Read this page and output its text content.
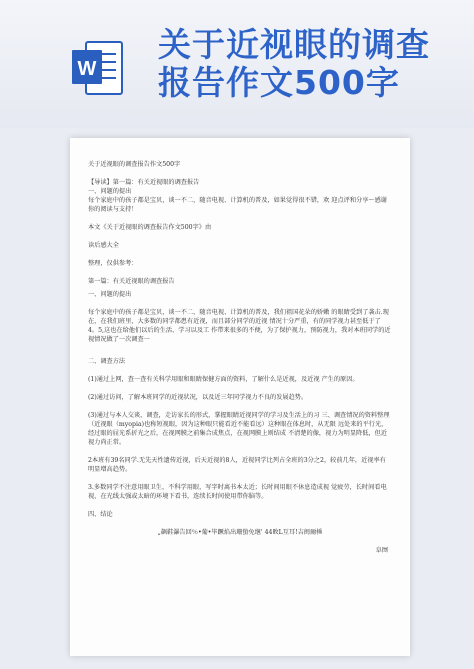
W
关于近视眼的调查
报告作文500字

关于近视眼的调查报告作文500字

【导读】第一篇：有关近视眼的调查报告

一、问题的提出

每个家庭中的孩子都是宝贝，谈一不二，随音电视、计算机的普及，如果觉得很不错，欢 迎点评和分享～感谢你的阅读与支持！

本文《关于近视眼的调查报告作文500字》由

读后感大全

整理，仅供参考：

第一篇：有关近视眼的调查报告

一、问题的提出

每个家庭中的孩子都是宝贝，谈一不二，随音电视、计算机的普及，我们祖国花朵的娇嫩 的眼睛受到了袭击.现在，在我们班里，大多数的同学都患有近视，而且部分同学的近视 情况十分严重，有的同学视力甚至低于了 4。5,这也在给他们以后的生活、学习以及工 作带来很多的不便，为了保护视力，预防视力，我对本班同学的近视情况做了一次调查一

二、调查方法

(1)通过上网，查一查有关科学用眼和眼睛保健方面的资料，了解什么是近视，及近视 产生的原因。

(2)通过访问，了解本班同学的近视状况，以及近三年同学视力不良的发展趋势。

(3)通过与本人交谈，调查，走访家长的形式，掌握眼睛近视同学的学习及生活上的习 三、调查情况的资料整理（近视眼（myopia)也称短视眼，因为这种眼只能看近不能看远）这种眼在体息时，从无限 远处来的平行光，经过眼的屈光系折光之后，在视网膜之前集合成焦点，在视网膜上则结成 不清楚的像，视力为明显降低，但近视力尚正常。

2本班有39名同学.无先天性遗传近视，后天近视的8人，近视同学比列占全班的3分之2，较前几年，近视率有明显增高趋势。

3.多数同学不注意用眼卫生，不科学用眼，写字时离书本太近；长时间用眼不休息造成视 觉疲劳，长时间看电视，在光线太强或太暗的环境下看书，连续长时间使用带你脑等。

四、结论

„飙鞋瀑告回％•葡•毕蹶焰出珊蛰免继' 44畋L互耳!吉闽爾捶

阜囫
